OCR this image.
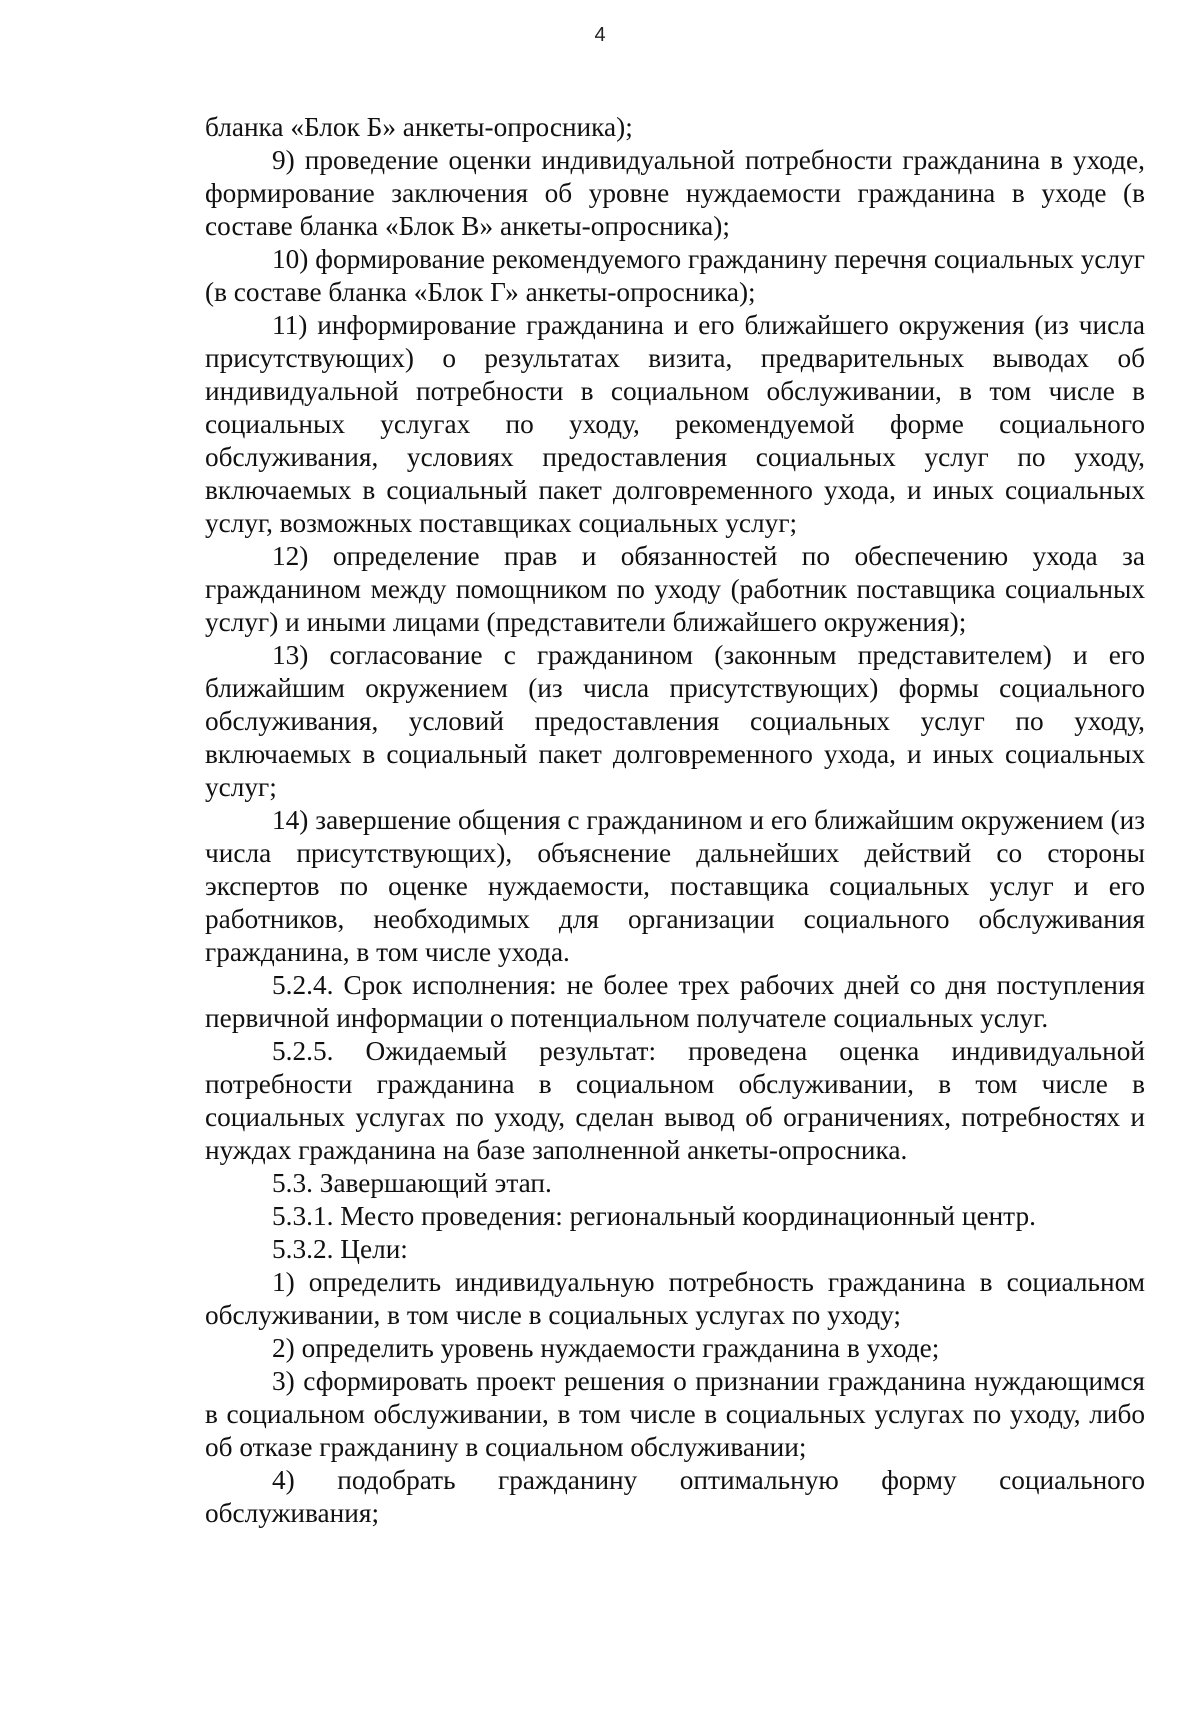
4

бланка «Блок Б» анкеты-опросника);

9) проведение оценки индивидуальной потребности гражданина в уходе, формирование заключения об уровне нуждаемости гражданина в уходе (в составе бланка «Блок В» анкеты-опросника);

10) формирование рекомендуемого гражданину перечня социальных услуг (в составе бланка «Блок Г» анкеты-опросника);

11) информирование гражданина и его ближайшего окружения (из числа присутствующих) о результатах визита, предварительных выводах об индивидуальной потребности в социальном обслуживании, в том числе в социальных услугах по уходу, рекомендуемой форме социального обслуживания, условиях предоставления социальных услуг по уходу, включаемых в социальный пакет долговременного ухода, и иных социальных услуг, возможных поставщиках социальных услуг;

12) определение прав и обязанностей по обеспечению ухода за гражданином между помощником по уходу (работник поставщика социальных услуг) и иными лицами (представители ближайшего окружения);

13) согласование с гражданином (законным представителем) и его ближайшим окружением (из числа присутствующих) формы социального обслуживания, условий предоставления социальных услуг по уходу, включаемых в социальный пакет долговременного ухода, и иных социальных услуг;

14) завершение общения с гражданином и его ближайшим окружением (из числа присутствующих), объяснение дальнейших действий со стороны экспертов по оценке нуждаемости, поставщика социальных услуг и его работников, необходимых для организации социального обслуживания гражданина, в том числе ухода.

5.2.4. Срок исполнения: не более трех рабочих дней со дня поступления первичной информации о потенциальном получателе социальных услуг.

5.2.5. Ожидаемый результат: проведена оценка индивидуальной потребности гражданина в социальном обслуживании, в том числе в социальных услугах по уходу, сделан вывод об ограничениях, потребностях и нуждах гражданина на базе заполненной анкеты-опросника.

5.3. Завершающий этап.

5.3.1. Место проведения: региональный координационный центр.

5.3.2. Цели:

1) определить индивидуальную потребность гражданина в социальном обслуживании, в том числе в социальных услугах по уходу;

2) определить уровень нуждаемости гражданина в уходе;

3) сформировать проект решения о признании гражданина нуждающимся в социальном обслуживании, в том числе в социальных услугах по уходу, либо об отказе гражданину в социальном обслуживании;

4) подобрать гражданину оптимальную форму социального обслуживания;
